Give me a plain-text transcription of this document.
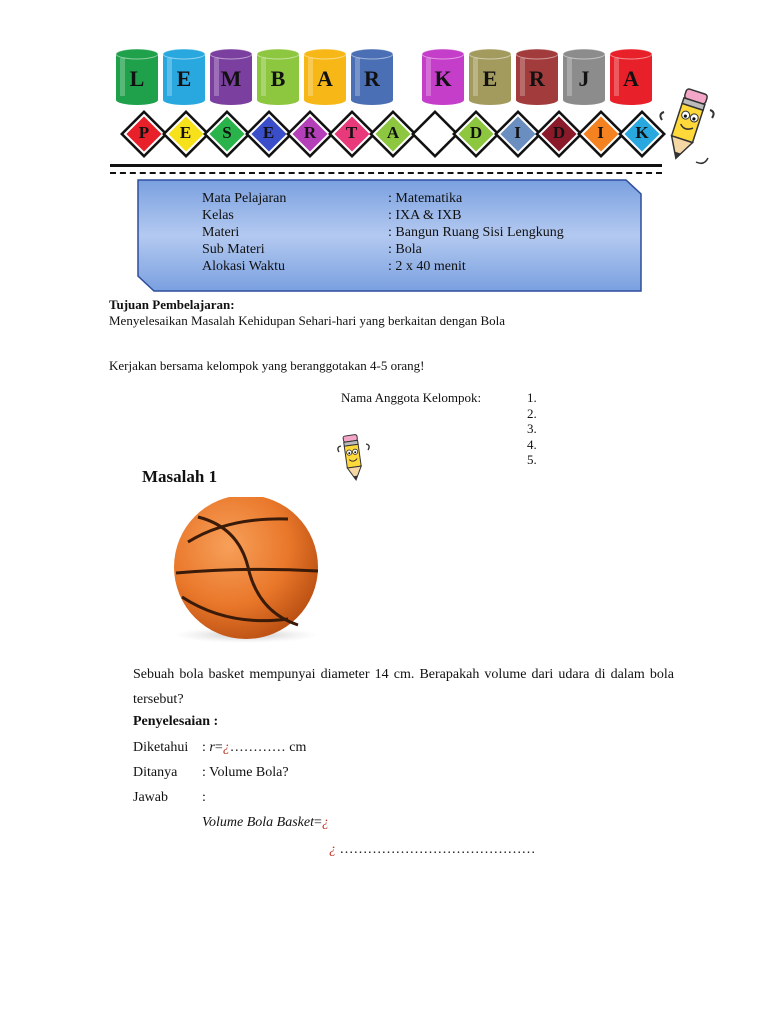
L	E	M	B	A	R	K	E	R	J	A
P	E	S	E	R	T	A	D	I	D	I	K
Mata Pelajaran	: Matematika
Kelas	: IXA & IXB
Materi	: Bangun Ruang Sisi Lengkung
Sub Materi	: Bola
Alokasi Waktu	: 2 x 40 menit
Tujuan Pembelajaran:
Menyelesaikan Masalah Kehidupan Sehari-hari yang berkaitan dengan Bola
Kerjakan bersama kelompok yang beranggotakan 4-5 orang!
Nama Anggota Kelompok:	1.
2.
3.
4.
5.
Masalah 1
Sebuah bola basket mempunyai diameter 14 cm. Berapakah volume dari udara di dalam bola tersebut?
Penyelesaian :
Diketahui : r=¿………… cm
Ditanya : Volume Bola?
Jawab :
Volume Bola Basket=¿
¿ ……………………………………
